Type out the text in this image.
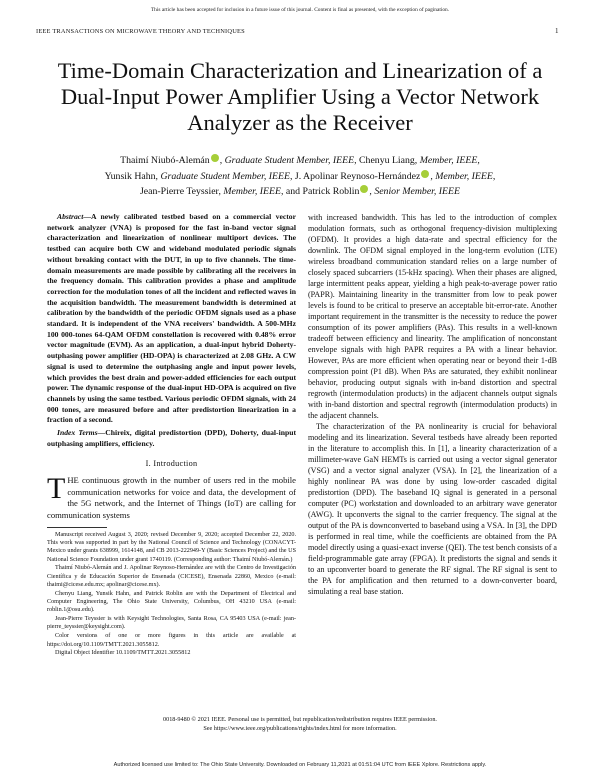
This article has been accepted for inclusion in a future issue of this journal. Content is final as presented, with the exception of pagination.
IEEE TRANSACTIONS ON MICROWAVE THEORY AND TECHNIQUES	1
Time-Domain Characterization and Linearization of a Dual-Input Power Amplifier Using a Vector Network Analyzer as the Receiver
Thaimí Niubó-Alemán , Graduate Student Member, IEEE, Chenyu Liang, Member, IEEE,
Yunsik Hahn, Graduate Student Member, IEEE, J. Apolinar Reynoso-Hernández , Member, IEEE,
Jean-Pierre Teyssier, Member, IEEE, and Patrick Roblin , Senior Member, IEEE

Abstract—A newly calibrated testbed based on a commercial vector network analyzer (VNA) is proposed for the fast in-band vector signal characterization and linearization of nonlinear multiport devices. The testbed can acquire both CW and wideband modulated periodic signals without breaking contact with the DUT, in up to five channels. The time-domain measurements are made possible by calibrating all the receivers in the frequency domain. This calibration provides a phase and amplitude correction for the modulation tones of all the incident and reflected waves in the acquisition bandwidth. The measurement bandwidth is determined at calibration by the bandwidth of the periodic OFDM signals used as a phase standard. It is independent of the VNA receivers' bandwidth. A 500-MHz 100 000-tones 64-QAM OFDM constellation is recovered with 0.48% error vector magnitude (EVM). As an application, a dual-input hybrid Doherty-outphasing power amplifier (HD-OPA) is characterized at 2.08 GHz. A CW signal is used to determine the outphasing angle and input power levels, which provides the best drain and power-added efficiencies for each output power. The dynamic response of the dual-input HD-OPA is acquired on five channels by using the same testbed. Various periodic OFDM signals, with 24 000 tones, are measured before and after predistortion linearization in a fraction of a second.

Index Terms—Chireix, digital predistortion (DPD), Doherty, dual-input outphasing amplifiers, efficiency.

I. Introduction

THE continuous growth in the number of users red in the mobile communication networks for voice and data, the development of the 5G network, and the Internet of Things (IoT) are calling for communication systems

Manuscript received August 3, 2020; revised December 9, 2020; accepted December 22, 2020. This work was supported in part by the National Council of Science and Technology (CONACYT-Mexico under grants 638999, 1614148, and CB 2013-222949-Y (Basic Sciences Project) and the US National Science Foundation under grant 1740119. (Corresponding author: Thaimí Niubó-Alemán.)

Thaimí Niubó-Alemán and J. Apolinar Reynoso-Hernández are with the Centro de Investigación Científica y de Educación Superior de Ensenada (CICESE), Ensenada 22860, Mexico (e-mail: thaimi@cicese.edu.mx; apolinar@cicese.mx).

Chenyu Liang, Yunsik Hahn, and Patrick Roblin are with the Department of Electrical and Computer Engineering, The Ohio State University, Columbus, OH 43210 USA (e-mail: roblin.1@osu.edu).

Jean-Pierre Teyssier is with Keysight Technologies, Santa Rosa, CA 95403 USA (e-mail: jean-pierre_teyssier@keysight.com).

Color versions of one or more figures in this article are available at https://doi.org/10.1109/TMTT.2021.3055812.

Digital Object Identifier 10.1109/TMTT.2021.3055812

with increased bandwidth. This has led to the introduction of complex modulation formats, such as orthogonal frequency-division multiplexing (OFDM). It provides a high data-rate and spectral efficiency for the downlink. The OFDM signal employed in the long-term evolution (LTE) wireless broadband communication standard relies on a large number of closely spaced subcarriers (15-kHz spacing). When their phases are aligned, large intermittent peaks appear, yielding a high peak-to-average power ratio (PAPR). Maintaining linearity in the transmitter from low to peak power levels is found to be critical to preserve an acceptable bit-error-rate. Another important requirement in the transmitter is the necessity to reduce the power consumption of its power amplifiers (PAs). This results in a well-known tradeoff between efficiency and linearity. The amplification of nonconstant envelope signals with high PAPR requires a PA with a linear behavior. However, PAs are more efficient when operating near or beyond their 1-dB compression point (P1 dB). When PAs are saturated, they exhibit nonlinear behavior, producing output signals with in-band distortion and spectral regrowth (intermodulation products) in the adjacent channels output signals with in-band distortion and spectral regrowth (intermodulation products) in the adjacent channels.

The characterization of the PA nonlinearity is crucial for behavioral modeling and its linearization. Several testbeds have already been reported in the literature to accomplish this. In [1], a linearity characterization of a millimeter-wave GaN HEMTs is carried out using a vector signal generator (VSG) and a vector signal analyzer (VSA). In [2], the linearization of a highly nonlinear PA was done by using low-order cascaded digital predistortion (DPD). The baseband IQ signal is generated in a personal computer (PC) workstation and downloaded to an arbitrary wave generator (AWG). It upconverts the signal to the carrier frequency. The signal at the output of the PA is downconverted to baseband using a VSA. In [3], the DPD is performed in real time, while the coefficients are obtained from the PA model directly using a quasi-exact inverse (QEI). The test bench consists of a field-programmable gate array (FPGA). It predistorts the signal and sends it to an upconverter board to generate the RF signal. The RF signal is sent to the PA for amplification and then returned to a down-converter board, simulating a real base station.

0018-9480 © 2021 IEEE. Personal use is permitted, but republication/redistribution requires IEEE permission.
See https://www.ieee.org/publications/rights/index.html for more information.
Authorized licensed use limited to: The Ohio State University. Downloaded on February 11,2021 at 01:51:04 UTC from IEEE Xplore. Restrictions apply.
